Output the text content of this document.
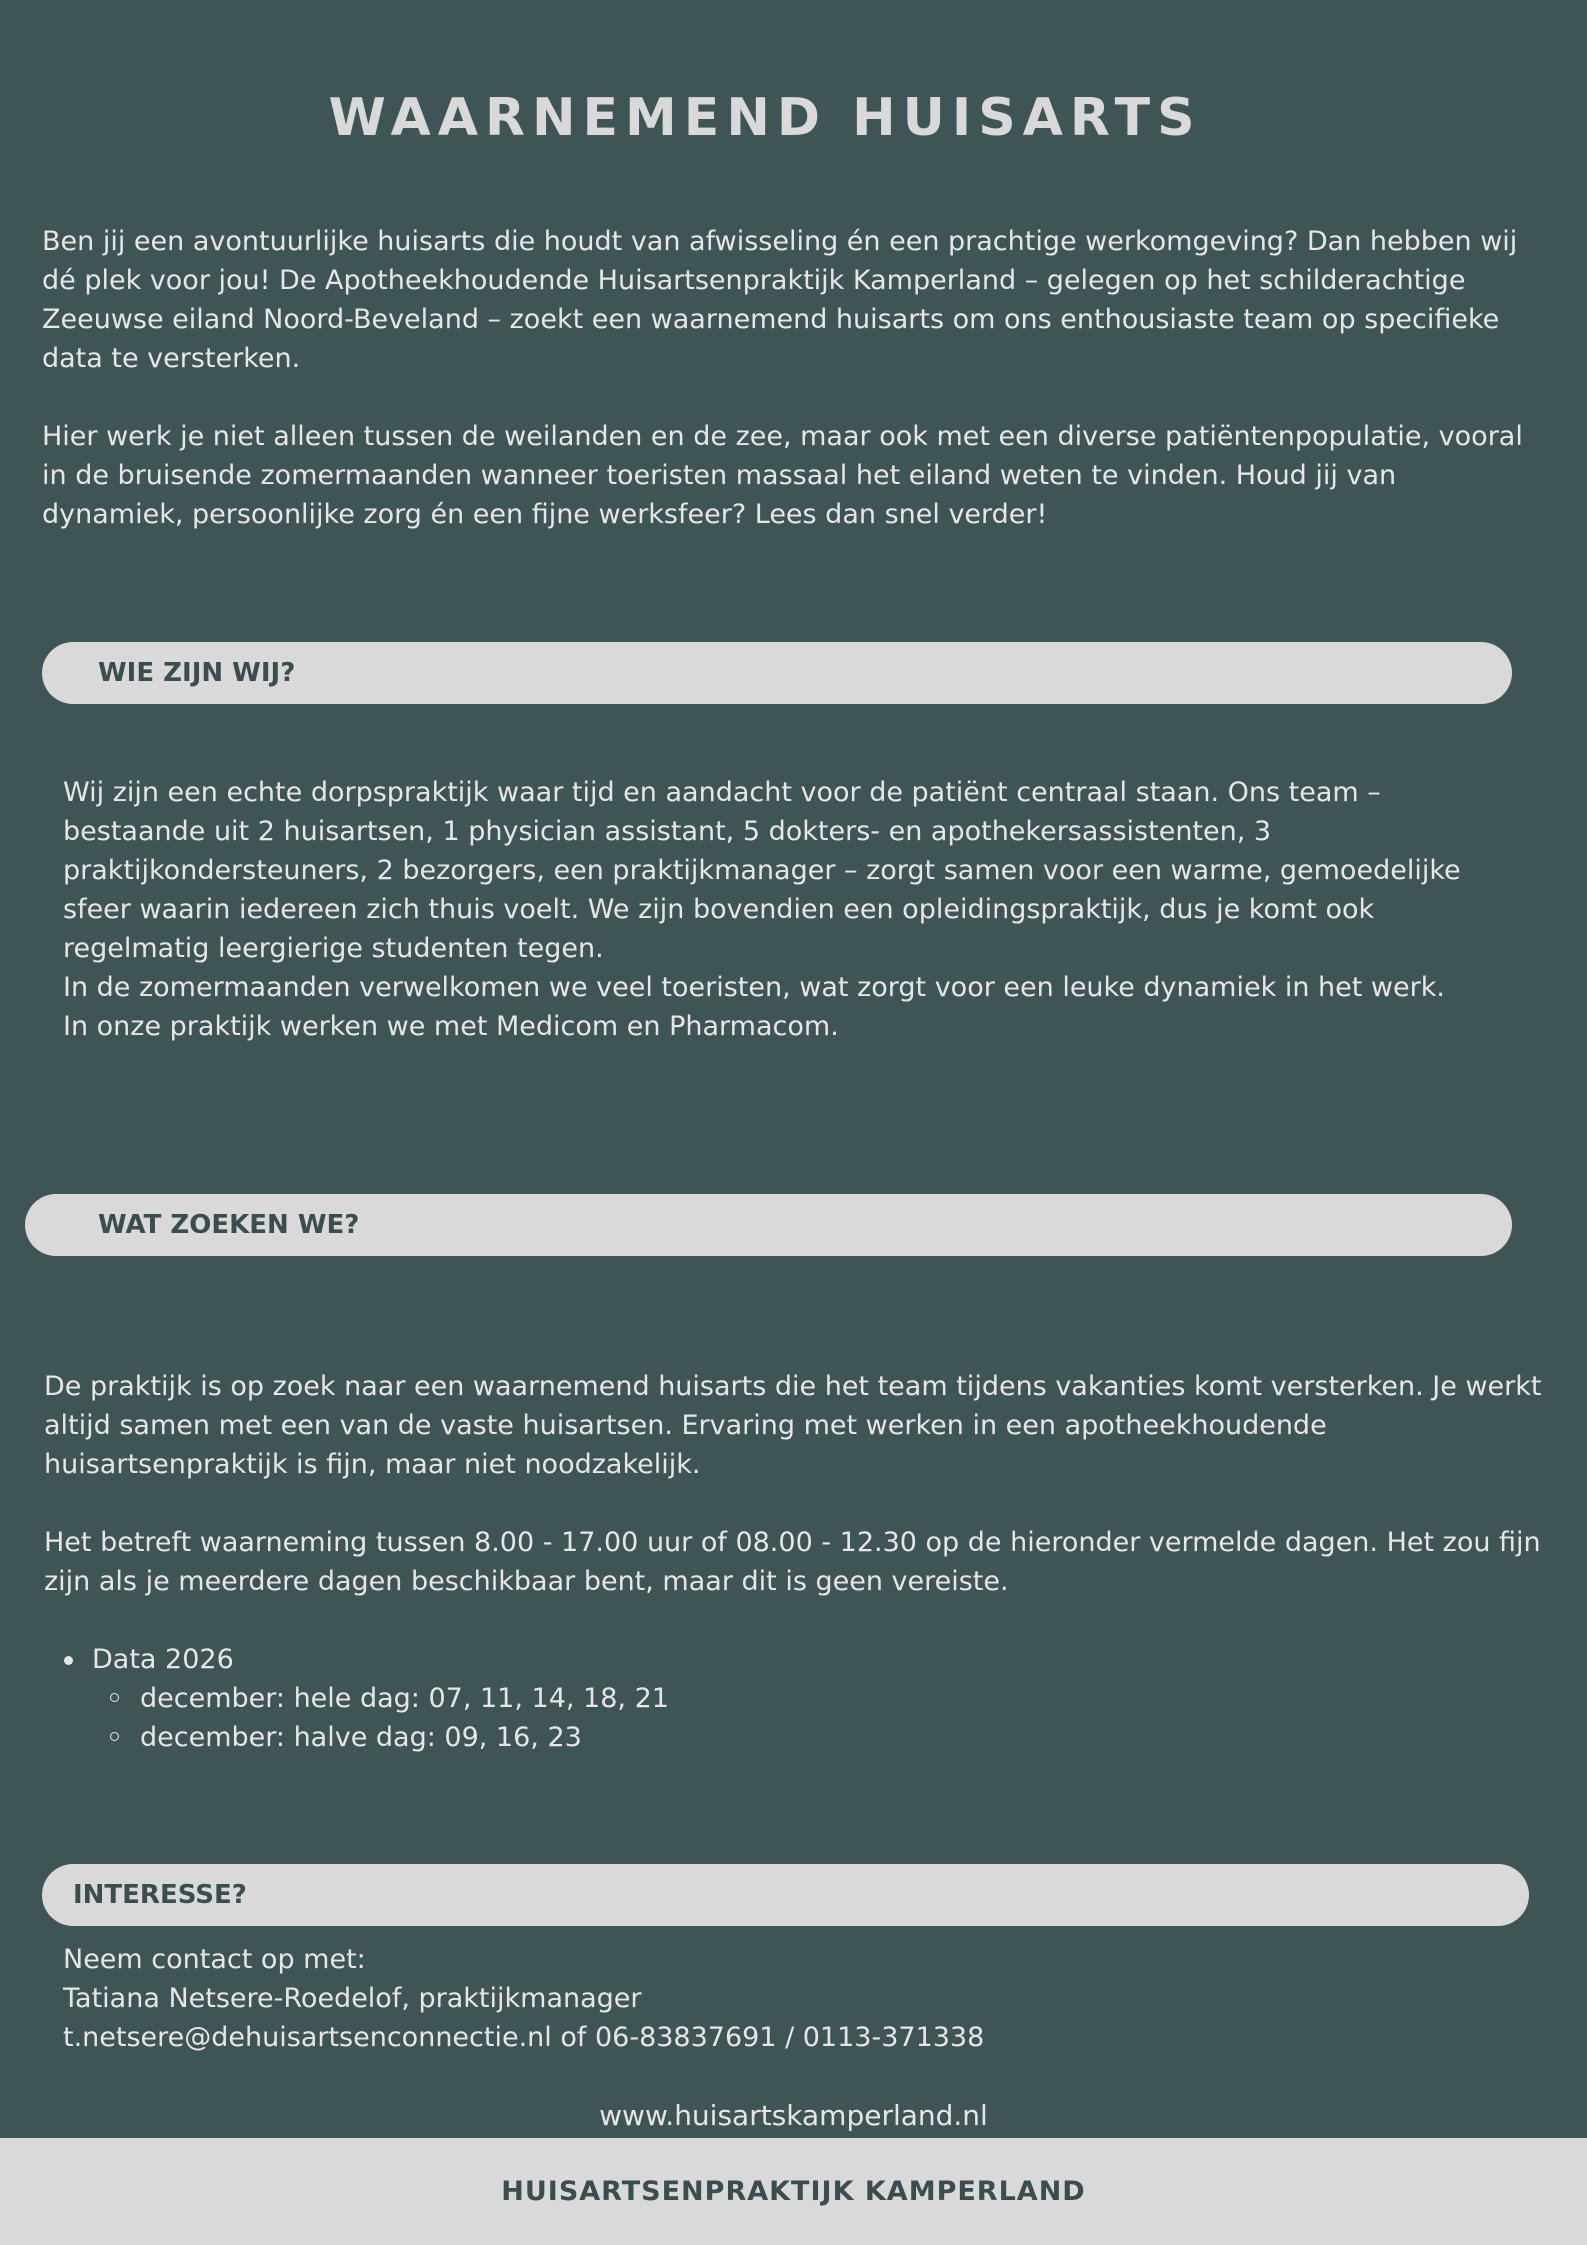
WAARNEMEND HUISARTS

Ben jij een avontuurlijke huisarts die houdt van afwisseling én een prachtige werkomgeving? Dan hebben wij dé plek voor jou! De Apotheekhoudende Huisartsenpraktijk Kamperland – gelegen op het schilderachtige Zeeuwse eiland Noord-Beveland – zoekt een waarnemend huisarts om ons enthousiaste team op specifieke data te versterken.

Hier werk je niet alleen tussen de weilanden en de zee, maar ook met een diverse patiëntenpopulatie, vooral in de bruisende zomermaanden wanneer toeristen massaal het eiland weten te vinden. Houd jij van dynamiek, persoonlijke zorg én een fijne werksfeer? Lees dan snel verder!

WIE ZIJN WIJ?

Wij zijn een echte dorpspraktijk waar tijd en aandacht voor de patiënt centraal staan. Ons team – bestaande uit 2 huisartsen, 1 physician assistant, 5 dokters- en apothekersassistenten, 3 praktijkondersteuners, 2 bezorgers, een praktijkmanager – zorgt samen voor een warme, gemoedelijke sfeer waarin iedereen zich thuis voelt. We zijn bovendien een opleidingspraktijk, dus je komt ook regelmatig leergierige studenten tegen.

In de zomermaanden verwelkomen we veel toeristen, wat zorgt voor een leuke dynamiek in het werk.

In onze praktijk werken we met Medicom en Pharmacom.

WAT ZOEKEN WE?

De praktijk is op zoek naar een waarnemend huisarts die het team tijdens vakanties komt versterken. Je werkt altijd samen met een van de vaste huisartsen. Ervaring met werken in een apotheekhoudende huisartsenpraktijk is fijn, maar niet noodzakelijk.

Het betreft waarneming tussen 8.00 - 17.00 uur of 08.00 - 12.30 op de hieronder vermelde dagen. Het zou fijn zijn als je meerdere dagen beschikbaar bent, maar dit is geen vereiste.

Data 2026
december: hele dag: 07, 11, 14, 18, 21
december: halve dag: 09, 16, 23
INTERESSE?

Neem contact op met:

Tatiana Netsere-Roedelof, praktijkmanager

t.netsere@dehuisartsenconnectie.nl of 06-83837691 / 0113-371338

www.huisartskamperland.nl
HUISARTSENPRAKTIJK KAMPERLAND
